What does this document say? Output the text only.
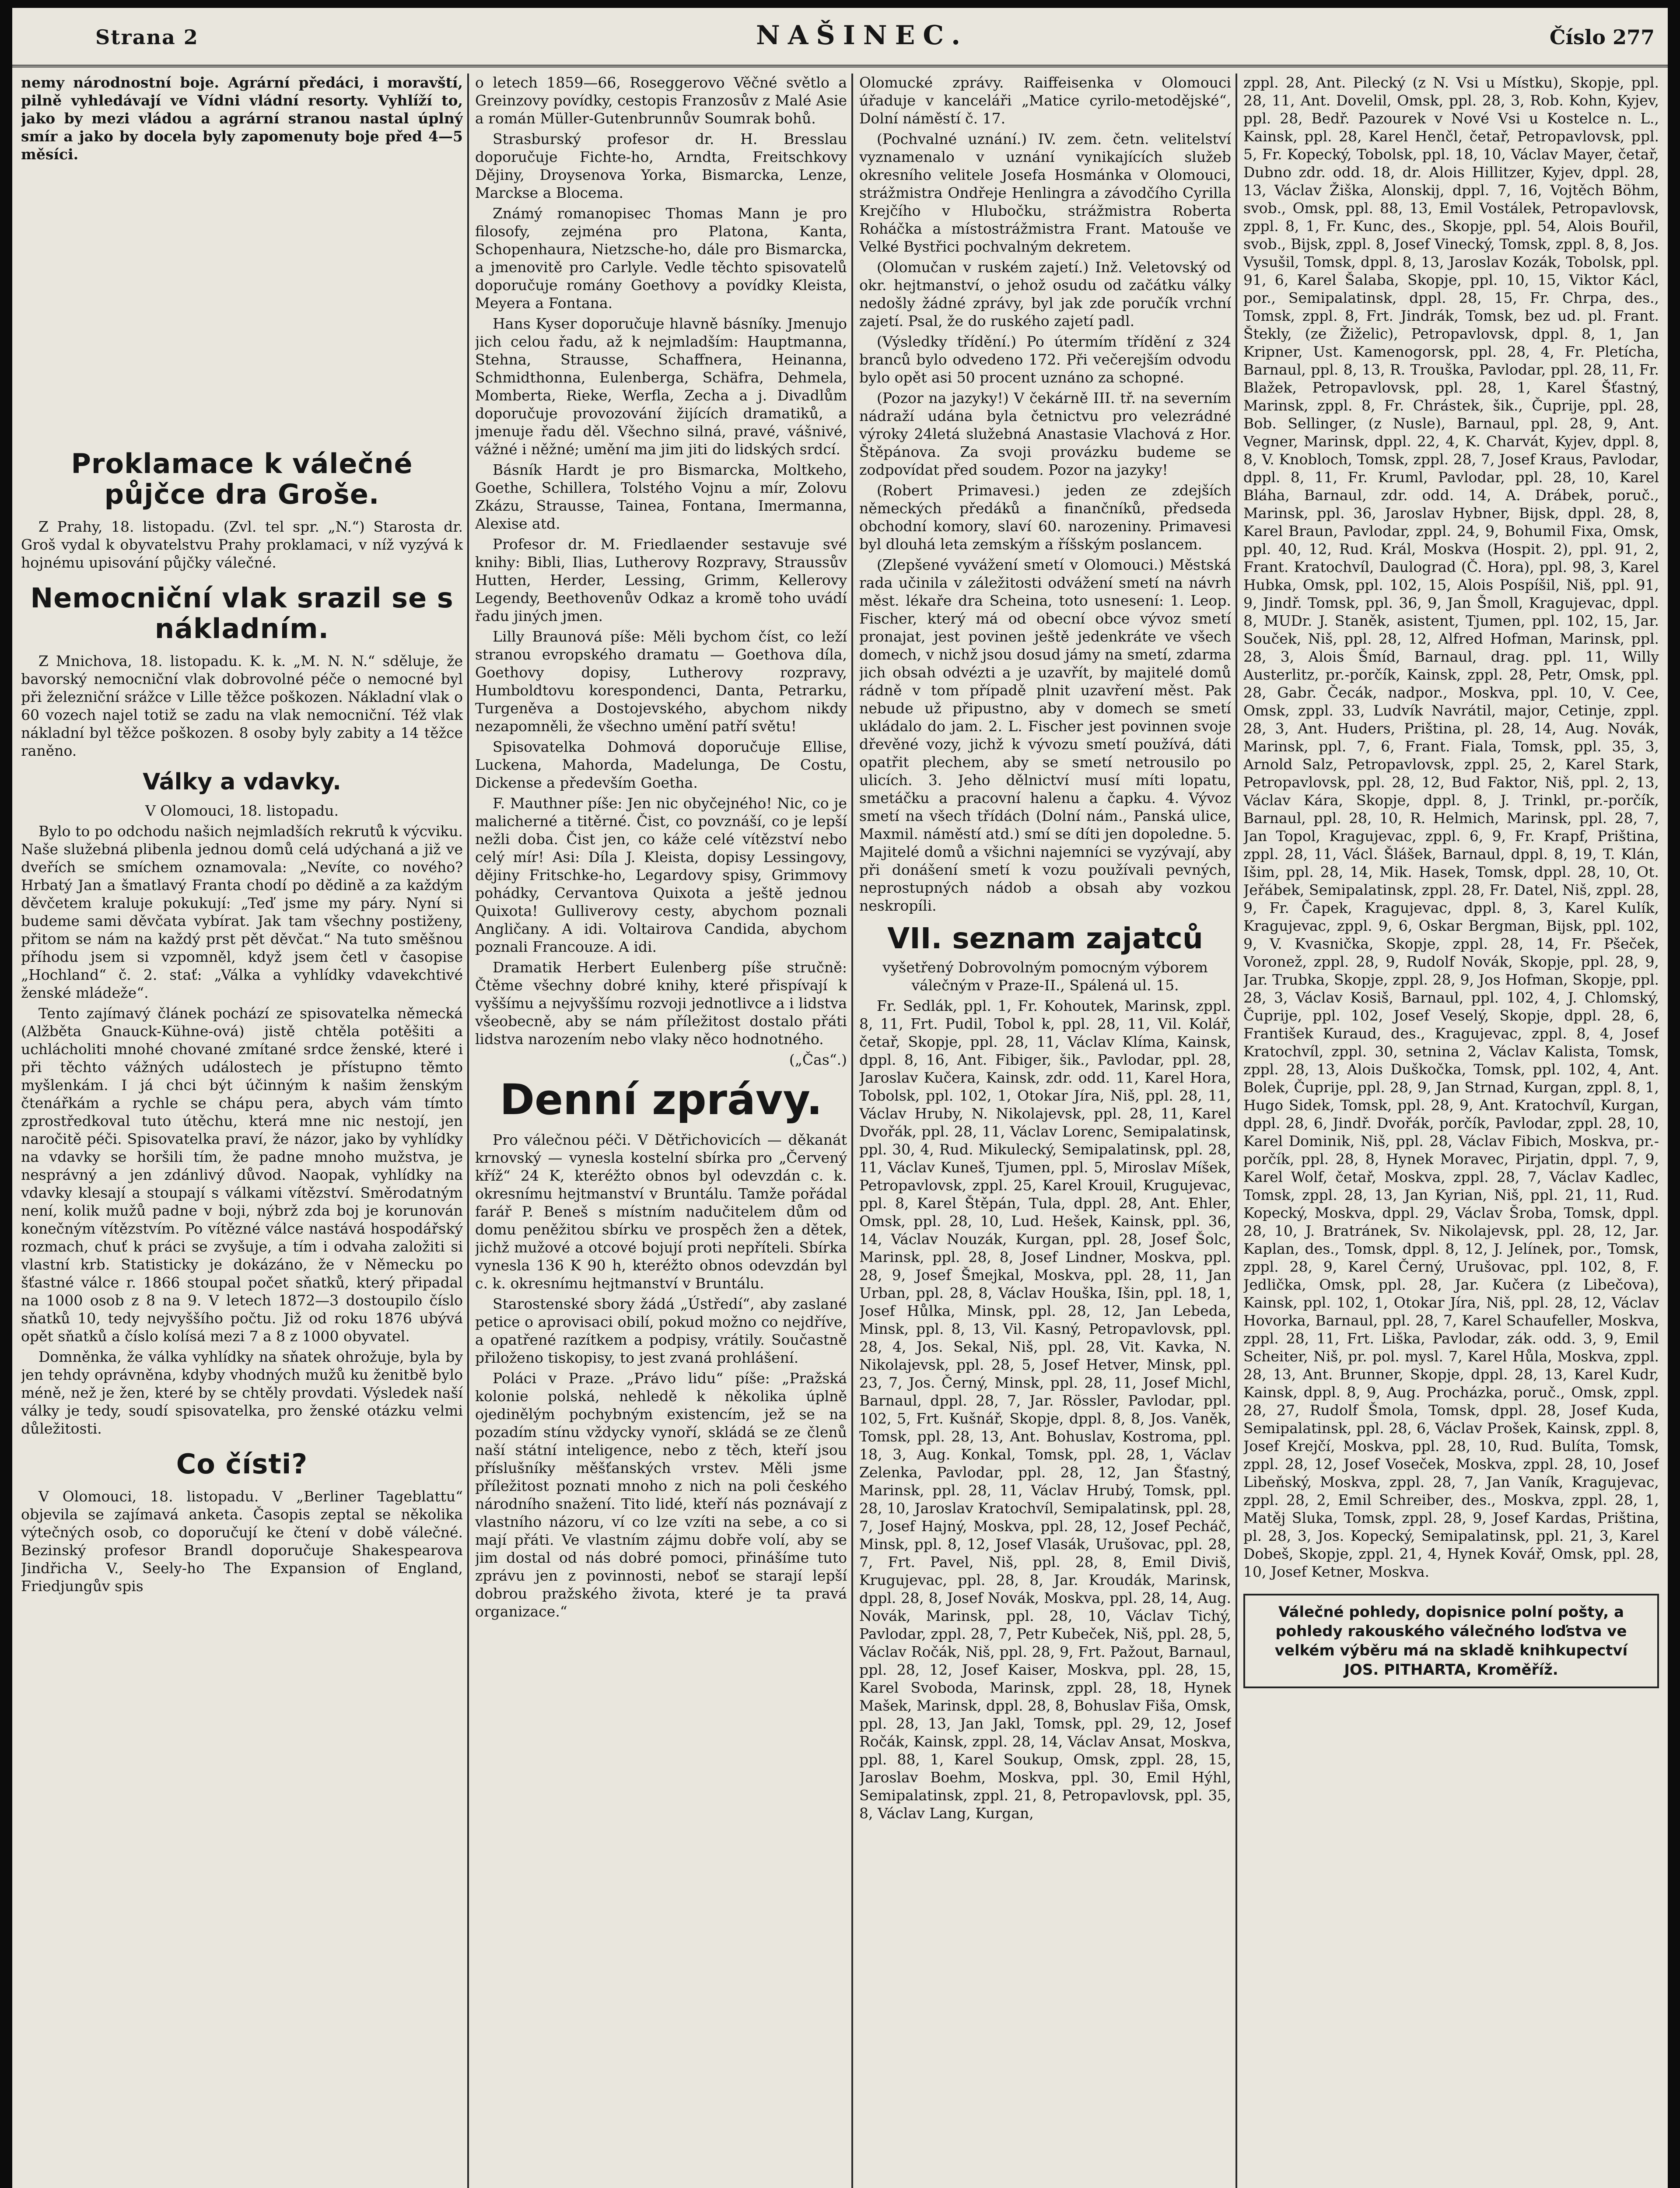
Strana 2	NAŠINEC.	Číslo 277

nemy národnostní boje. Agrární předáci, i moravští, pilně vyhledávají ve Vídni vládní resorty. Vyhlíží to, jako by mezi vládou a agrární stranou nastal úplný smír a jako by docela byly zapomenuty boje před 4—5 měsíci.

Proklamace k válečné půjčce dra Groše.

Z Prahy, 18. listopadu. (Zvl. tel spr. „N.“) Starosta dr. Groš vydal k obyvatelstvu Prahy proklamaci, v níž vyzývá k hojnému upisování půjčky válečné.

Nemocniční vlak srazil se s nákladním.

Z Mnichova, 18. listopadu. K. k. „M. N. N.“ sděluje, že bavorský nemocniční vlak dobrovolné péče o nemocné byl při železniční srážce v Lille těžce poškozen. Nákladní vlak o 60 vozech najel totiž se zadu na vlak nemocniční. Též vlak nákladní byl těžce poškozen. 8 osoby byly zabity a 14 těžce raněno.

Války a vdavky.

V Olomouci, 18. listopadu.

Bylo to po odchodu našich nejmladších rekrutů k výcviku. Naše služebná plibenla jednou domů celá udýchaná a již ve dveřích se smíchem oznamovala: „Nevíte, co nového? Hrbatý Jan a šmatlavý Franta chodí po dědině a za každým děvčetem kraluje pokukují: „Teď jsme my páry. Nyní si budeme sami děvčata vybírat. Jak tam všechny postiženy, přitom se nám na každý prst pět děvčat.“ Na tuto směšnou příhodu jsem si vzpomněl, když jsem četl v časopise „Hochland“ č. 2. stať: „Válka a vyhlídky vdavekchtivé ženské mládeže“.

Tento zajímavý článek pochází ze spisovatelka německá (Alžběta Gnauck-Kühne-ová) jistě chtěla potěšiti a uchlácholiti mnohé chované zmítané srdce ženské, které i při těchto vážných událostech je přístupno těmto myšlenkám. I já chci být účinným k našim ženským čtenářkám a rychle se chápu pera, abych vám tímto zprostředkoval tuto útěchu, která mne nic nestojí, jen naročitě péči. Spisovatelka praví, že názor, jako by vyhlídky na vdavky se horšili tím, že padne mnoho mužstva, je nesprávný a jen zdánlivý důvod. Naopak, vyhlídky na vdavky klesají a stoupají s válkami vítězství. Směrodatným není, kolik mužů padne v boji, nýbrž zda boj je korunován konečným vítězstvím. Po vítězné válce nastává hospodářský rozmach, chuť k práci se zvyšuje, a tím i odvaha založiti si vlastní krb. Statisticky je dokázáno, že v Německu po šťastné válce r. 1866 stoupal počet sňatků, který připadal na 1000 osob z 8 na 9. V letech 1872—3 dostoupilo číslo sňatků 10, tedy nejvyššího počtu. Již od roku 1876 ubývá opět sňatků a číslo kolísá mezi 7 a 8 z 1000 obyvatel.

Domněnka, že válka vyhlídky na sňatek ohrožuje, byla by jen tehdy oprávněna, kdyby vhodných mužů ku ženitbě bylo méně, než je žen, které by se chtěly provdati. Výsledek naší války je tedy, soudí spisovatelka, pro ženské otázku velmi důležitosti.

Co čísti?

V Olomouci, 18. listopadu. V „Berliner Tageblattu“ objevila se zajímavá anketa. Časopis zeptal se několika výtečných osob, co doporučují ke čtení v době válečné. Bezinský profesor Brandl doporučuje Shakespearova Jindřicha V., Seely-ho The Expansion of England, Friedjungův spis

o letech 1859—66, Roseggerovo Věčné světlo a Greinzovy povídky, cestopis Franzosův z Malé Asie a román Müller-Gutenbrunnův Soumrak bohů.

Strasburský profesor dr. H. Bresslau doporučuje Fichte-ho, Arndta, Freitschkovy Dějiny, Droysenova Yorka, Bismarcka, Lenze, Marckse a Blocema.

Známý romanopisec Thomas Mann je pro filosofy, zejména pro Platona, Kanta, Schopenhaura, Nietzsche-ho, dále pro Bismarcka, a jmenovitě pro Carlyle. Vedle těchto spisovatelů doporučuje romány Goethovy a povídky Kleista, Meyera a Fontana.

Hans Kyser doporučuje hlavně básníky. Jmenujo jich celou řadu, až k nejmladším: Hauptmanna, Stehna, Strausse, Schaffnera, Heinanna, Schmidthonna, Eulenberga, Schäfra, Dehmela, Momberta, Rieke, Werfla, Zecha a j. Divadlům doporučuje provozování žijících dramatiků, a jmenuje řadu děl. Všechno silná, pravé, vášnivé, vážné i něžné; umění ma jim jiti do lidských srdcí.

Básník Hardt je pro Bismarcka, Moltkeho, Goethe, Schillera, Tolstého Vojnu a mír, Zolovu Zkázu, Strausse, Taineа, Fontana, Imermanna, Alexise atd.

Profesor dr. M. Friedlaender sestavuje své knihy: Bibli, Ilias, Lutherovy Rozpravy, Straussův Hutten, Herder, Lessing, Grimm, Kellerovy Legendy, Beethovenův Odkaz a kromě toho uvádí řadu jiných jmen.

Lilly Braunová píše: Měli bychom číst, co leží stranou evropského dramatu — Goethova díla, Goethovy dopisy, Lutherovy rozpravy, Humboldtovu korespondenci, Danta, Petrarku, Turgeněva a Dostojevského, abychom nikdy nezapomněli, že všechno umění patří světu!

Spisovatelka Dohmová doporučuje Ellise, Luckena, Mahorda, Madelunga, De Costu, Dickense a především Goetha.

F. Mauthner píše: Jen nic obyčejného! Nic, co je malicherné a titěrné. Čist, co povznáší, co je lepší nežli doba. Čist jen, co káže celé vítězství nebo celý mír! Asi: Díla J. Kleista, dopisy Lessingovy, dějiny Fritschke-ho, Legardovy spisy, Grimmovy pohádky, Cervantova Quixota a ještě jednou Quixota! Gulliverovy cesty, abychom poznali Angličany. A idi. Voltairova Candida, abychom poznali Francouze. A idi.

Dramatik Herbert Eulenberg píše stručně: Čtěme všechny dobré knihy, které přispívají k vyššímu a nejvyššímu rozvoji jednotlivce a i lidstva všeobecně, aby se nám příležitost dostalo přáti lidstva narozením nebo vlaky něco hodnotného.

(„Čas“.)

Denní zprávy.

Pro válečnou péči. V Dětřichovicích — děkanát krnovský — vynesla kostelní sbírka pro „Červený kříž“ 24 K, kteréžto obnos byl odevzdán c. k. okresnímu hejtmanství v Bruntálu. Tamže pořádal farář P. Beneš s místním nadučitelem dům od domu peněžitou sbírku ve prospěch žen a dětek, jichž mužové a otcové bojují proti nepříteli. Sbírka vynesla 136 K 90 h, kteréžto obnos odevzdán byl c. k. okresnímu hejtmanství v Bruntálu.

Starostenské sbory žádá „Ústředí“, aby zaslané petice o aprovisaci obilí, pokud možno co nejdříve, a opatřené razítkem a podpisy, vrátily. Součastně přiloženo tiskopisy, to jest zvaná prohlášení.

Poláci v Praze. „Právo lidu“ píše: „Pražská kolonie polská, nehledě k několika úplně ojedinělým pochybným existencím, jež se na pozadím stínu vždycky vynoří, skládá se ze členů naší státní inteligence, nebo z těch, kteří jsou příslušníky měšťanských vrstev. Měli jsme příležitost poznati mnoho z nich na poli českého národního snažení. Tito lidé, kteří nás poznávají z vlastního názoru, ví co lze vzíti na sebe, a co si mají přáti. Ve vlastním zájmu dobře volí, aby se jim dostal od nás dobré pomoci, přinášíme tuto zprávu jen z povinnosti, neboť se starají lepší dobrou pražského života, které je ta pravá organizace.“

Olomucké zprávy. Raiffeisenka v Olomouci úřaduje v kanceláři „Matice cyrilo-metodějské“, Dolní náměstí č. 17.

(Pochvalné uznání.) IV. zem. četn. velitelství vyznamenalo v uznání vynikajících služeb okresního velitele Josefa Hosmánka v Olomouci, strážmistra Ondřeje Henlingra a závodčího Cyrilla Krejčího v Hlubočku, strážmistra Roberta Roháčka a místostrážmistra Frant. Matouše ve Velké Bystřici pochvalným dekretem.

(Olomučan v ruském zajetí.) Inž. Veletovský od okr. hejtmanství, o jehož osudu od začátku války nedošly žádné zprávy, byl jak zde poručík vrchní zajetí. Psal, že do ruského zajetí padl.

(Výsledky třídění.) Po útermím třídění z 324 branců bylo odvedeno 172. Při večerejším odvodu bylo opět asi 50 procent uznáno za schopné.

(Pozor na jazyky!) V čekárně III. tř. na severním nádraží udána byla četnictvu pro velezrádné výroky 24letá služebná Anastasie Vlachová z Hor. Štěpánova. Za svoji provázku budeme se zodpovídat před soudem. Pozor na jazyky!

(Robert Primavesi.) jeden ze zdejších německých předáků a finančníků, předseda obchodní komory, slaví 60. narozeniny. Primavesi byl dlouhá leta zemským a říšským poslancem.

(Zlepšené vyvážení smetí v Olomouci.) Městská rada učinila v záležitosti odvážení smetí na návrh měst. lékaře dra Scheina, toto usnesení: 1. Leop. Fischer, který má od obecní obce vývoz smetí pronajat, jest povinen ještě jedenkráte ve všech domech, v nichž jsou dosud jámy na smetí, zdarma jich obsah odvézti a je uzavřít, by majitelé domů rádně v tom případě plnit uzavření měst. Pak nebude už připustno, aby v domech se smetí ukládalo do jam. 2. L. Fischer jest povinnen svoje dřevěné vozy, jichž k vývozu smetí používá, dáti opatřit plechem, aby se smetí netrousilo po ulicích. 3. Jeho dělnictví musí míti lopatu, smetáčku a pracovní halenu a čapku. 4. Vývoz smetí na všech třídách (Dolní nám., Panská ulice, Maxmil. náměstí atd.) smí se díti jen dopoledne. 5. Majitelé domů a všichni najemníci se vyzývají, aby při donášení smetí k vozu používali pevných, neprostupných nádob a obsah aby vozkou neskropíli.

VII. seznam zajatců

vyšetřený Dobrovolným pomocným výborem válečným v Praze-II., Spálená ul. 15.

Fr. Sedlák, ppl. 1, Fr. Kohoutek, Marinsk, zppl. 8, 11, Frt. Pudil, Tobol k, ppl. 28, 11, Vil. Kolář, četař, Skopje, ppl. 28, 11, Václav Klíma, Kainsk, dppl. 8, 16, Ant. Fibiger, šik., Pavlodar, ppl. 28, Jaroslav Kučera, Kainsk, zdr. odd. 11, Karel Hora, Tobolsk, ppl. 102, 1, Otokar Jíra, Niš, ppl. 28, 11, Václav Hruby, N. Nikolajevsk, ppl. 28, 11, Karel Dvořák, ppl. 28, 11, Václav Lorenc, Semipalatinsk, ppl. 30, 4, Rud. Mikulecký, Semipalatinsk, ppl. 28, 11, Václav Kuneš, Tjumen, ppl. 5, Miroslav Míšek, Petropavlovsk, zppl. 25, Karel Krouil, Krugujevac, ppl. 8, Karel Štěpán, Tula, dppl. 28, Ant. Ehler, Omsk, ppl. 28, 10, Lud. Hešek, Kainsk, ppl. 36, 14, Václav Nouzák, Kurgan, ppl. 28, Josef Šolc, Marinsk, ppl. 28, 8, Josef Lindner, Moskva, ppl. 28, 9, Josef Šmejkal, Moskva, ppl. 28, 11, Jan Urban, ppl. 28, 8, Václav Houška, Išin, ppl. 18, 1, Josef Hůlka, Minsk, ppl. 28, 12, Jan Lebeda, Minsk, ppl. 8, 13, Vil. Kasný, Petropavlovsk, ppl. 28, 4, Jos. Sekal, Niš, ppl. 28, Vit. Kavka, N. Nikolajevsk, ppl. 28, 5, Josef Hetver, Minsk, ppl. 23, 7, Jos. Černý, Minsk, ppl. 28, 11, Josef Michl, Barnaul, dppl. 28, 7, Jar. Rössler, Pavlodar, ppl. 102, 5, Frt. Kušnář, Skopje, dppl. 8, 8, Jos. Vaněk, Tomsk, ppl. 28, 13, Ant. Bohuslav, Kostroma, ppl. 18, 3, Aug. Konkal, Tomsk, ppl. 28, 1, Václav Zelenka, Pavlodar, ppl. 28, 12, Jan Šťastný, Marinsk, ppl. 28, 11, Václav Hrubý, Tomsk, ppl. 28, 10, Jaroslav Kratochvíl, Semipalatinsk, ppl. 28, 7, Josef Hajný, Moskva, ppl. 28, 12, Josef Pecháč, Minsk, ppl. 8, 12, Josef Vlasák, Urušovac, ppl. 28, 7, Frt. Pavel, Niš, ppl. 28, 8, Emil Diviš, Krugujevac, ppl. 28, 8, Jar. Kroudák, Marinsk, dppl. 28, 8, Josef Novák, Moskva, ppl. 28, 14, Aug. Novák, Marinsk, ppl. 28, 10, Václav Tichý, Pavlodar, zppl. 28, 7, Petr Kubeček, Niš, ppl. 28, 5, Václav Ročák, Niš, ppl. 28, 9, Frt. Pažout, Barnaul, ppl. 28, 12, Josef Kaiser, Moskva, ppl. 28, 15, Karel Svoboda, Marinsk, zppl. 28, 18, Hynek Mašek, Marinsk, dppl. 28, 8, Bohuslav Fiša, Omsk, ppl. 28, 13, Jan Jakl, Tomsk, ppl. 29, 12, Josef Ročák, Kainsk, zppl. 28, 14, Václav Ansat, Moskva, ppl. 88, 1, Karel Soukup, Omsk, zppl. 28, 15, Jaroslav Boehm, Moskva, ppl. 30, Emil Hýhl, Semipalatinsk, zppl. 21, 8, Petropavlovsk, ppl. 35, 8, Václav Lang, Kurgan,

zppl. 28, Ant. Pilecký (z N. Vsi u Místku), Skopje, ppl. 28, 11, Ant. Dovelil, Omsk, ppl. 28, 3, Rob. Kohn, Kyjev, ppl. 28, Bedř. Pazourek v Nové Vsi u Kostelce n. L., Kainsk, ppl. 28, Karel Henčl, četař, Petropavlovsk, ppl. 5, Fr. Kopecký, Tobolsk, ppl. 18, 10, Václav Mayer, četař, Dubno zdr. odd. 18, dr. Alois Hillitzer, Kyjev, dppl. 28, 13, Václav Žiška, Alonskij, dppl. 7, 16, Vojtěch Böhm, svob., Omsk, ppl. 88, 13, Emil Vostálek, Petropavlovsk, zppl. 8, 1, Fr. Kunc, des., Skopje, ppl. 54, Alois Bouřil, svob., Bijsk, zppl. 8, Josef Vinecký, Tomsk, zppl. 8, 8, Jos. Vysušil, Tomsk, dppl. 8, 13, Jaroslav Kozák, Tobolsk, ppl. 91, 6, Karel Šalaba, Skopje, ppl. 10, 15, Viktor Kácl, por., Semipalatinsk, dppl. 28, 15, Fr. Chrpa, des., Tomsk, zppl. 8, Frt. Jindrák, Tomsk, bez ud. pl. Frant. Štekly, (ze Žiželic), Petropavlovsk, dppl. 8, 1, Jan Kripner, Ust. Kamenogorsk, ppl. 28, 4, Fr. Pletícha, Barnaul, ppl. 8, 13, R. Trouška, Pavlodar, ppl. 28, 11, Fr. Blažek, Petropavlovsk, ppl. 28, 1, Karel Šťastný, Marinsk, zppl. 8, Fr. Chrástek, šik., Čuprije, ppl. 28, Bob. Sellinger, (z Nusle), Barnaul, ppl. 28, 9, Ant. Vegner, Marinsk, dppl. 22, 4, K. Charvát, Kyjev, dppl. 8, 8, V. Knobloch, Tomsk, zppl. 28, 7, Josef Kraus, Pavlodar, dppl. 8, 11, Fr. Kruml, Pavlodar, ppl. 28, 10, Karel Bláha, Barnaul, zdr. odd. 14, A. Drábek, poruč., Marinsk, ppl. 36, Jaroslav Hybner, Bijsk, dppl. 28, 8, Karel Braun, Pavlodar, zppl. 24, 9, Bohumil Fixa, Omsk, ppl. 40, 12, Rud. Král, Moskva (Hospit. 2), ppl. 91, 2, Frant. Kratochvíl, Daulograd (Č. Hora), ppl. 98, 3, Karel Hubka, Omsk, ppl. 102, 15, Alois Pospíšil, Niš, ppl. 91, 9, Jindř. Tomsk, ppl. 36, 9, Jan Šmoll, Kragujevac, dppl. 8, MUDr. J. Staněk, asistent, Tjumen, ppl. 102, 15, Jar. Souček, Niš, ppl. 28, 12, Alfred Hofman, Marinsk, ppl. 28, 3, Alois Šmíd, Barnaul, drag. ppl. 11, Willy Austerlitz, pr.-porčík, Kainsk, zppl. 28, Petr, Omsk, ppl. 28, Gabr. Čecák, nadpor., Moskva, ppl. 10, V. Cee, Omsk, zppl. 33, Ludvík Navrátil, major, Cetinje, zppl. 28, 3, Ant. Huders, Priština, pl. 28, 14, Aug. Novák, Marinsk, ppl. 7, 6, Frant. Fiala, Tomsk, ppl. 35, 3, Arnold Salz, Petropavlovsk, zppl. 25, 2, Karel Stark, Petropavlovsk, ppl. 28, 12, Bud Faktor, Niš, ppl. 2, 13, Václav Kára, Skopje, dppl. 8, J. Trinkl, pr.-porčík, Barnaul, ppl. 28, 10, R. Helmich, Marinsk, ppl. 28, 7, Jan Topol, Kragujevac, zppl. 6, 9, Fr. Krapf, Priština, zppl. 28, 11, Václ. Šlášek, Barnaul, dppl. 8, 19, T. Klán, Išim, ppl. 28, 14, Mik. Hasek, Tomsk, dppl. 28, 10, Ot. Jeřábek, Semipalatinsk, zppl. 28, Fr. Datel, Niš, zppl. 28, 9, Fr. Čapek, Kragujevac, dppl. 8, 3, Karel Kulík, Kragujevac, zppl. 9, 6, Oskar Bergman, Bijsk, ppl. 102, 9, V. Kvasnička, Skopje, zppl. 28, 14, Fr. Pšeček, Voronež, zppl. 28, 9, Rudolf Novák, Skopje, ppl. 28, 9, Jar. Trubka, Skopje, zppl. 28, 9, Jos Hofman, Skopje, ppl. 28, 3, Václav Kosiš, Barnaul, ppl. 102, 4, J. Chlomský, Čuprije, ppl. 102, Josef Veselý, Skopje, dppl. 28, 6, František Kuraud, des., Kragujevac, zppl. 8, 4, Josef Kratochvíl, zppl. 30, setnina 2, Václav Kalista, Tomsk, zppl. 28, 13, Alois Duškočka, Tomsk, ppl. 102, 4, Ant. Bolek, Čuprije, ppl. 28, 9, Jan Strnad, Kurgan, zppl. 8, 1, Hugo Sidek, Tomsk, ppl. 28, 9, Ant. Kratochvíl, Kurgan, dppl. 28, 6, Jindř. Dvořák, porčík, Pavlodar, zppl. 28, 10, Karel Dominik, Niš, ppl. 28, Václav Fibich, Moskva, pr.-porčík, ppl. 28, 8, Hynek Moravec, Pirjatin, dppl. 7, 9, Karel Wolf, četař, Moskva, zppl. 28, 7, Václav Kadlec, Tomsk, zppl. 28, 13, Jan Kyrian, Niš, ppl. 21, 11, Rud. Kopecký, Moskva, dppl. 29, Václav Šroba, Tomsk, dppl. 28, 10, J. Bratránek, Sv. Nikolajevsk, ppl. 28, 12, Jar. Kaplan, des., Tomsk, dppl. 8, 12, J. Jelínek, por., Tomsk, zppl. 28, 9, Karel Černý, Urušovac, ppl. 102, 8, F. Jedlička, Omsk, ppl. 28, Jar. Kučera (z Libečova), Kainsk, ppl. 102, 1, Otokar Jíra, Niš, ppl. 28, 12, Václav Hovorka, Barnaul, ppl. 28, 7, Karel Schaufeller, Moskva, zppl. 28, 11, Frt. Liška, Pavlodar, zák. odd. 3, 9, Emil Scheiter, Niš, pr. pol. mysl. 7, Karel Hůla, Moskva, zppl. 28, 13, Ant. Brunner, Skopje, dppl. 28, 13, Karel Kudr, Kainsk, dppl. 8, 9, Aug. Procházka, poruč., Omsk, zppl. 28, 27, Rudolf Šmola, Tomsk, dppl. 28, Josef Kuda, Semipalatinsk, ppl. 28, 6, Václav Prošek, Kainsk, zppl. 8, Josef Krejčí, Moskva, ppl. 28, 10, Rud. Bulíta, Tomsk, zppl. 28, 12, Josef Voseček, Moskva, zppl. 28, 10, Josef Libeňský, Moskva, zppl. 28, 7, Jan Vaník, Kragujevac, zppl. 28, 2, Emil Schreiber, des., Moskva, zppl. 28, 1, Matěj Sluka, Tomsk, zppl. 28, 9, Josef Kardas, Priština, pl. 28, 3, Jos. Kopecký, Semipalatinsk, ppl. 21, 3, Karel Dobeš, Skopje, zppl. 21, 4, Hynek Kovář, Omsk, ppl. 28, 10, Josef Ketner, Moskva.

Válečné pohledy, dopisnice polní pošty, a pohledy rakouského válečného loďstva ve velkém výběru má na skladě knihkupectví JOS. PITHARTA, Kroměříž.
